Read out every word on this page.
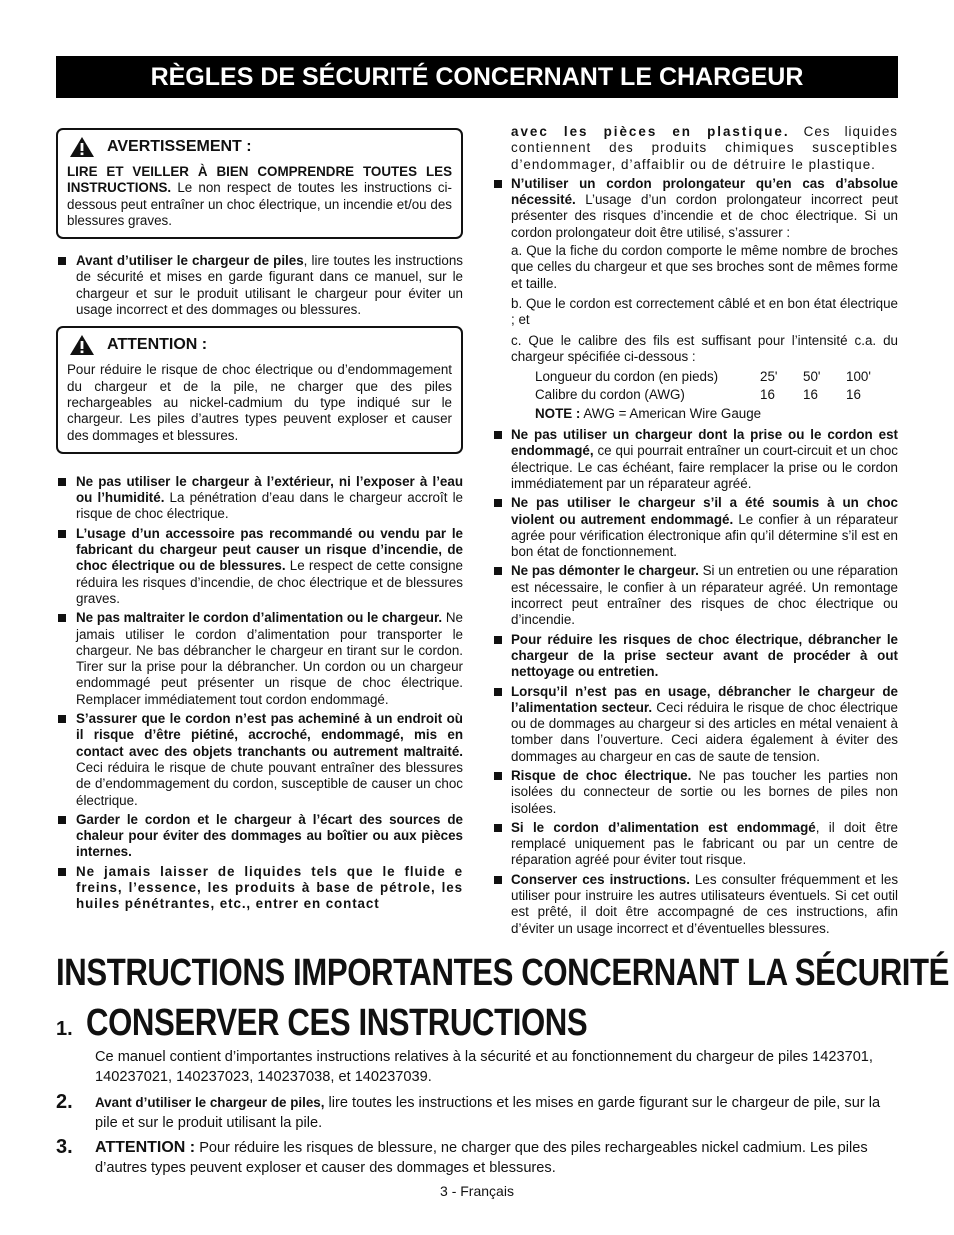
RÈGLES DE SÉCURITÉ CONCERNANT LE CHARGEUR
AVERTISSEMENT :
LIRE ET VEILLER À BIEN COMPRENDRE TOUTES LES INSTRUCTIONS. Le non respect de toutes les instructions ci-dessous peut entraîner un choc électrique, un incendie et/ou des blessures graves.
Avant d’utiliser le chargeur de piles, lire toutes les instructions de sécurité et mises en garde figurant dans ce manuel, sur le chargeur et sur le produit utilisant le chargeur pour éviter un usage incorrect et des dommages ou blessures.
ATTENTION :
Pour réduire le risque de choc électrique ou d’endommagement du chargeur et de la pile, ne charger que des piles rechargeables au nickel-cadmium du type indiqué sur le chargeur. Les piles d’autres types peuvent exploser et causer des dommages et blessures.
Ne pas utiliser le chargeur à l’extérieur, ni l’exposer à l’eau ou l’humidité. La pénétration d’eau dans le chargeur accroît le risque de choc électrique.
L’usage d’un accessoire pas recommandé ou vendu par le fabricant du chargeur peut causer un risque d’incendie, de choc électrique ou de blessures. Le respect de cette consigne réduira les risques d’incendie, de choc électrique et de blessures graves.
Ne pas maltraiter le cordon d’alimentation ou le chargeur. Ne jamais utiliser le cordon d’alimentation pour transporter le chargeur. Ne bas débrancher le chargeur en tirant sur le cordon. Tirer sur la prise pour la débrancher. Un cordon ou un chargeur endommagé peut présenter un risque de choc électrique. Remplacer immédiatement tout cordon endommagé.
S’assurer que le cordon n’est pas acheminé à un endroit où il risque d’être piétiné, accroché, endommagé, mis en contact avec des objets tranchants ou autrement maltraité. Ceci réduira le risque de chute pouvant entraîner des blessures de d’endommagement du cordon, susceptible de causer un choc électrique.
Garder le cordon et le chargeur à l’écart des sources de chaleur pour éviter des dommages au boîtier ou aux pièces internes.
Ne jamais laisser de liquides tels que le fluide e freins, l’essence, les produits à base de pétrole, les huiles pénétrantes, etc., entrer en contact
avec les pièces en plastique. Ces liquides contiennent des produits chimiques susceptibles d’endommager, d’affaiblir ou de détruire le plastique.
N’utiliser un cordon prolongateur qu’en cas d’absolue nécessité. L’usage d’un cordon prolongateur incorrect peut présenter des risques d’incendie et de choc électrique. Si un cordon prolongateur doit être utilisé, s’assurer :
a. Que la fiche du cordon comporte le même nombre de broches que celles du chargeur et que ses broches sont de mêmes forme et taille.
b. Que le cordon est correctement câblé et en bon état électrique ; et
c. Que le calibre des fils est suffisant pour l’intensité c.a. du chargeur spécifiée ci-dessous :
Longueur du cordon (en pieds)	25'	50'	100'
Calibre du cordon (AWG)	16	16	16
NOTE : AWG = American Wire Gauge			
Ne pas utiliser un chargeur dont la prise ou le cordon est endommagé, ce qui pourrait entraîner un court-circuit et un choc électrique. Le cas échéant, faire remplacer la prise ou le cordon immédiatement par un réparateur agréé.
Ne pas utiliser le chargeur s’il a été soumis à un choc violent ou autrement endommagé. Le confier à un réparateur agrée pour vérification électronique afin qu’il détermine s’il est en bon état de fonctionnement.
Ne pas démonter le chargeur. Si un entretien ou une réparation est nécessaire, le confier à un réparateur agréé. Un remontage incorrect peut entraîner des risques de choc électrique ou d’incendie.
Pour réduire les risques de choc électrique, débrancher le chargeur de la prise secteur avant de procéder à out nettoyage ou entretien.
Lorsqu’il n’est pas en usage, débrancher le chargeur de l’alimentation secteur. Ceci réduira le risque de choc électrique ou de dommages au chargeur si des articles en métal venaient à tomber dans l’ouverture. Ceci aidera également à éviter des dommages au chargeur en cas de saute de tension.
Risque de choc électrique. Ne pas toucher les parties non isolées du connecteur de sortie ou les bornes de piles non isolées.
Si le cordon d’alimentation est endommagé, il doit être remplacé uniquement pas le fabricant ou par un centre de réparation agréé pour éviter tout risque.
Conserver ces instructions. Les consulter fréquemment et les utiliser pour instruire les autres utilisateurs éventuels. Si cet outil est prêté, il doit être accompagné de ces instructions, afin d’éviter un usage incorrect et d’éventuelles blessures.
INSTRUCTIONS IMPORTANTES CONCERNANT LA SÉCURITÉ
1. CONSERVER CES INSTRUCTIONS
Ce manuel contient d’importantes instructions relatives à la sécurité et au fonctionnement du chargeur de piles 1423701, 140237021, 140237023, 140237038, et 140237039.
2. Avant d’utiliser le chargeur de piles, lire toutes les instructions et les mises en garde figurant sur le chargeur de pile, sur la pile et sur le produit utilisant la pile.
3. ATTENTION : Pour réduire les risques de blessure, ne charger que des piles rechargeables nickel cadmium. Les piles d’autres types peuvent exploser et causer des dommages et blessures.
3 - Français
